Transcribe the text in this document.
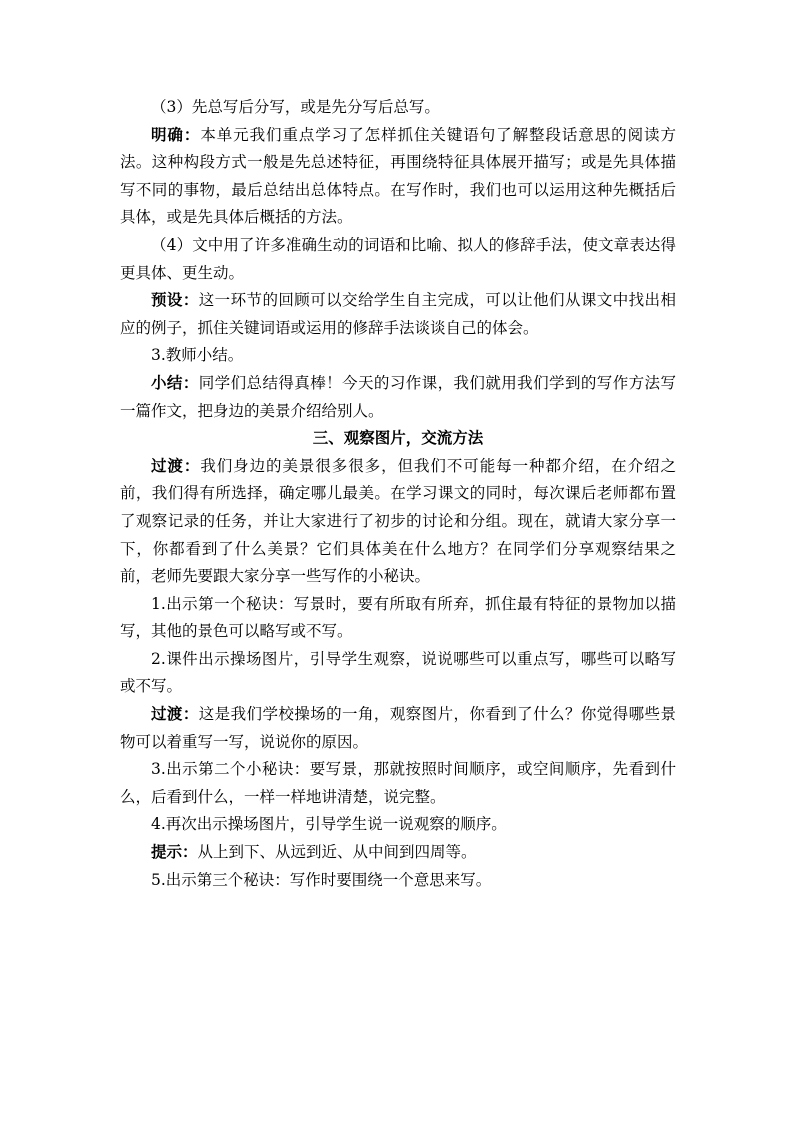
（3）先总写后分写，或是先分写后总写。

明确：本单元我们重点学习了怎样抓住关键语句了解整段话意思的阅读方法。这种构段方式一般是先总述特征，再围绕特征具体展开描写；或是先具体描写不同的事物，最后总结出总体特点。在写作时，我们也可以运用这种先概括后具体，或是先具体后概括的方法。

（4）文中用了许多准确生动的词语和比喻、拟人的修辞手法，使文章表达得更具体、更生动。

预设：这一环节的回顾可以交给学生自主完成，可以让他们从课文中找出相应的例子，抓住关键词语或运用的修辞手法谈谈自己的体会。

3.教师小结。

小结：同学们总结得真棒！今天的习作课，我们就用我们学到的写作方法写一篇作文，把身边的美景介绍给别人。

三、观察图片，交流方法

过渡：我们身边的美景很多很多，但我们不可能每一种都介绍，在介绍之前，我们得有所选择，确定哪儿最美。在学习课文的同时，每次课后老师都布置了观察记录的任务，并让大家进行了初步的讨论和分组。现在，就请大家分享一下，你都看到了什么美景？它们具体美在什么地方？在同学们分享观察结果之前，老师先要跟大家分享一些写作的小秘诀。

1.出示第一个秘诀：写景时，要有所取有所弃，抓住最有特征的景物加以描写，其他的景色可以略写或不写。

2.课件出示操场图片，引导学生观察，说说哪些可以重点写，哪些可以略写或不写。

过渡：这是我们学校操场的一角，观察图片，你看到了什么？你觉得哪些景物可以着重写一写，说说你的原因。

3.出示第二个小秘诀：要写景，那就按照时间顺序，或空间顺序，先看到什么，后看到什么，一样一样地讲清楚，说完整。

4.再次出示操场图片，引导学生说一说观察的顺序。

提示：从上到下、从远到近、从中间到四周等。

5.出示第三个秘诀：写作时要围绕一个意思来写。
